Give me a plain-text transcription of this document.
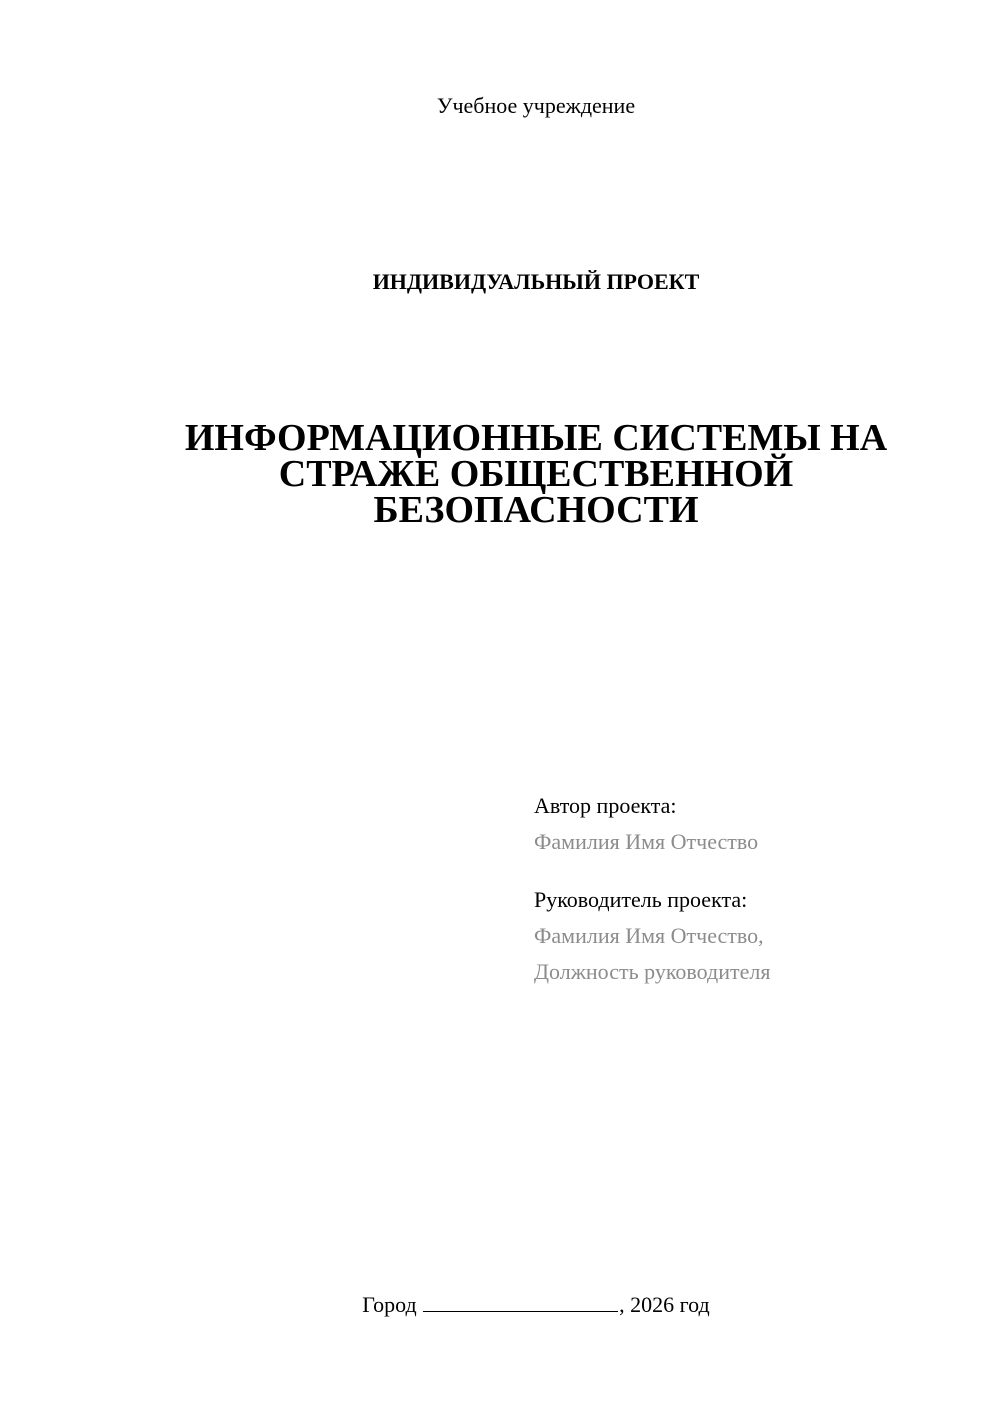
Учебное учреждение
ИНДИВИДУАЛЬНЫЙ ПРОЕКТ
ИНФОРМАЦИОННЫЕ СИСТЕМЫ НА
СТРАЖЕ ОБЩЕСТВЕННОЙ
БЕЗОПАСНОСТИ
Автор проекта:
Фамилия Имя Отчество
Руководитель проекта:
Фамилия Имя Отчество,
Должность руководителя
Город	, 2026 год
